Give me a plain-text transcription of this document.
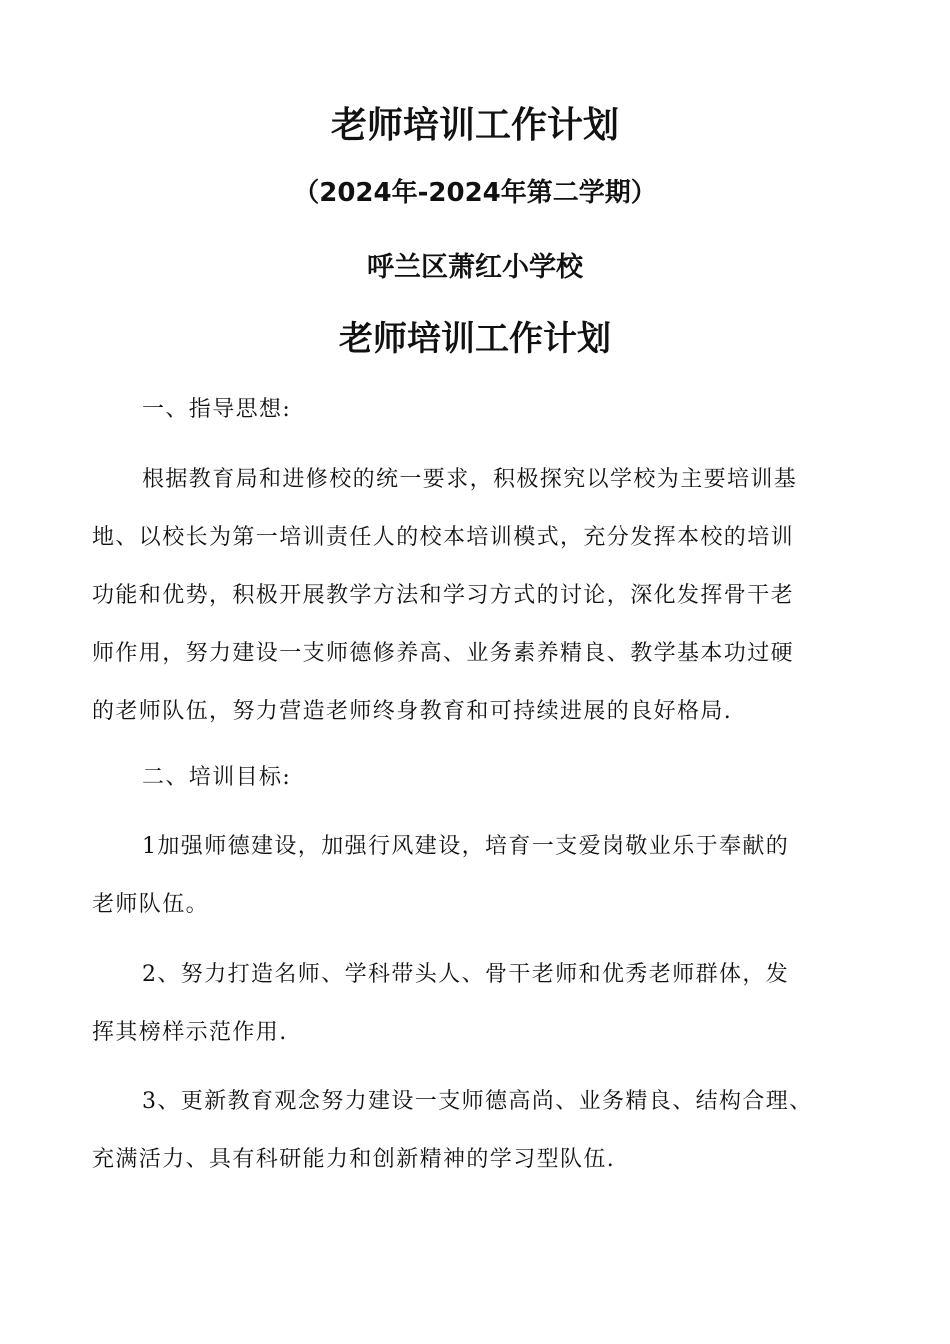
老师培训工作计划
（2024年-2024年第二学期）
呼兰区萧红小学校
老师培训工作计划
一、指导思想:
根据教育局和进修校的统一要求，积极探究以学校为主要培训基
地、以校长为第一培训责任人的校本培训模式，充分发挥本校的培训
功能和优势，积极开展教学方法和学习方式的讨论，深化发挥骨干老
师作用，努力建设一支师德修养高、业务素养精良、教学基本功过硬
的老师队伍，努力营造老师终身教育和可持续进展的良好格局.
二、培训目标:
1加强师德建设，加强行风建设，培育一支爱岗敬业乐于奉献的
老师队伍。
2、努力打造名师、学科带头人、骨干老师和优秀老师群体，发
挥其榜样示范作用.
3、更新教育观念努力建设一支师德高尚、业务精良、结构合理、
充满活力、具有科研能力和创新精神的学习型队伍.
